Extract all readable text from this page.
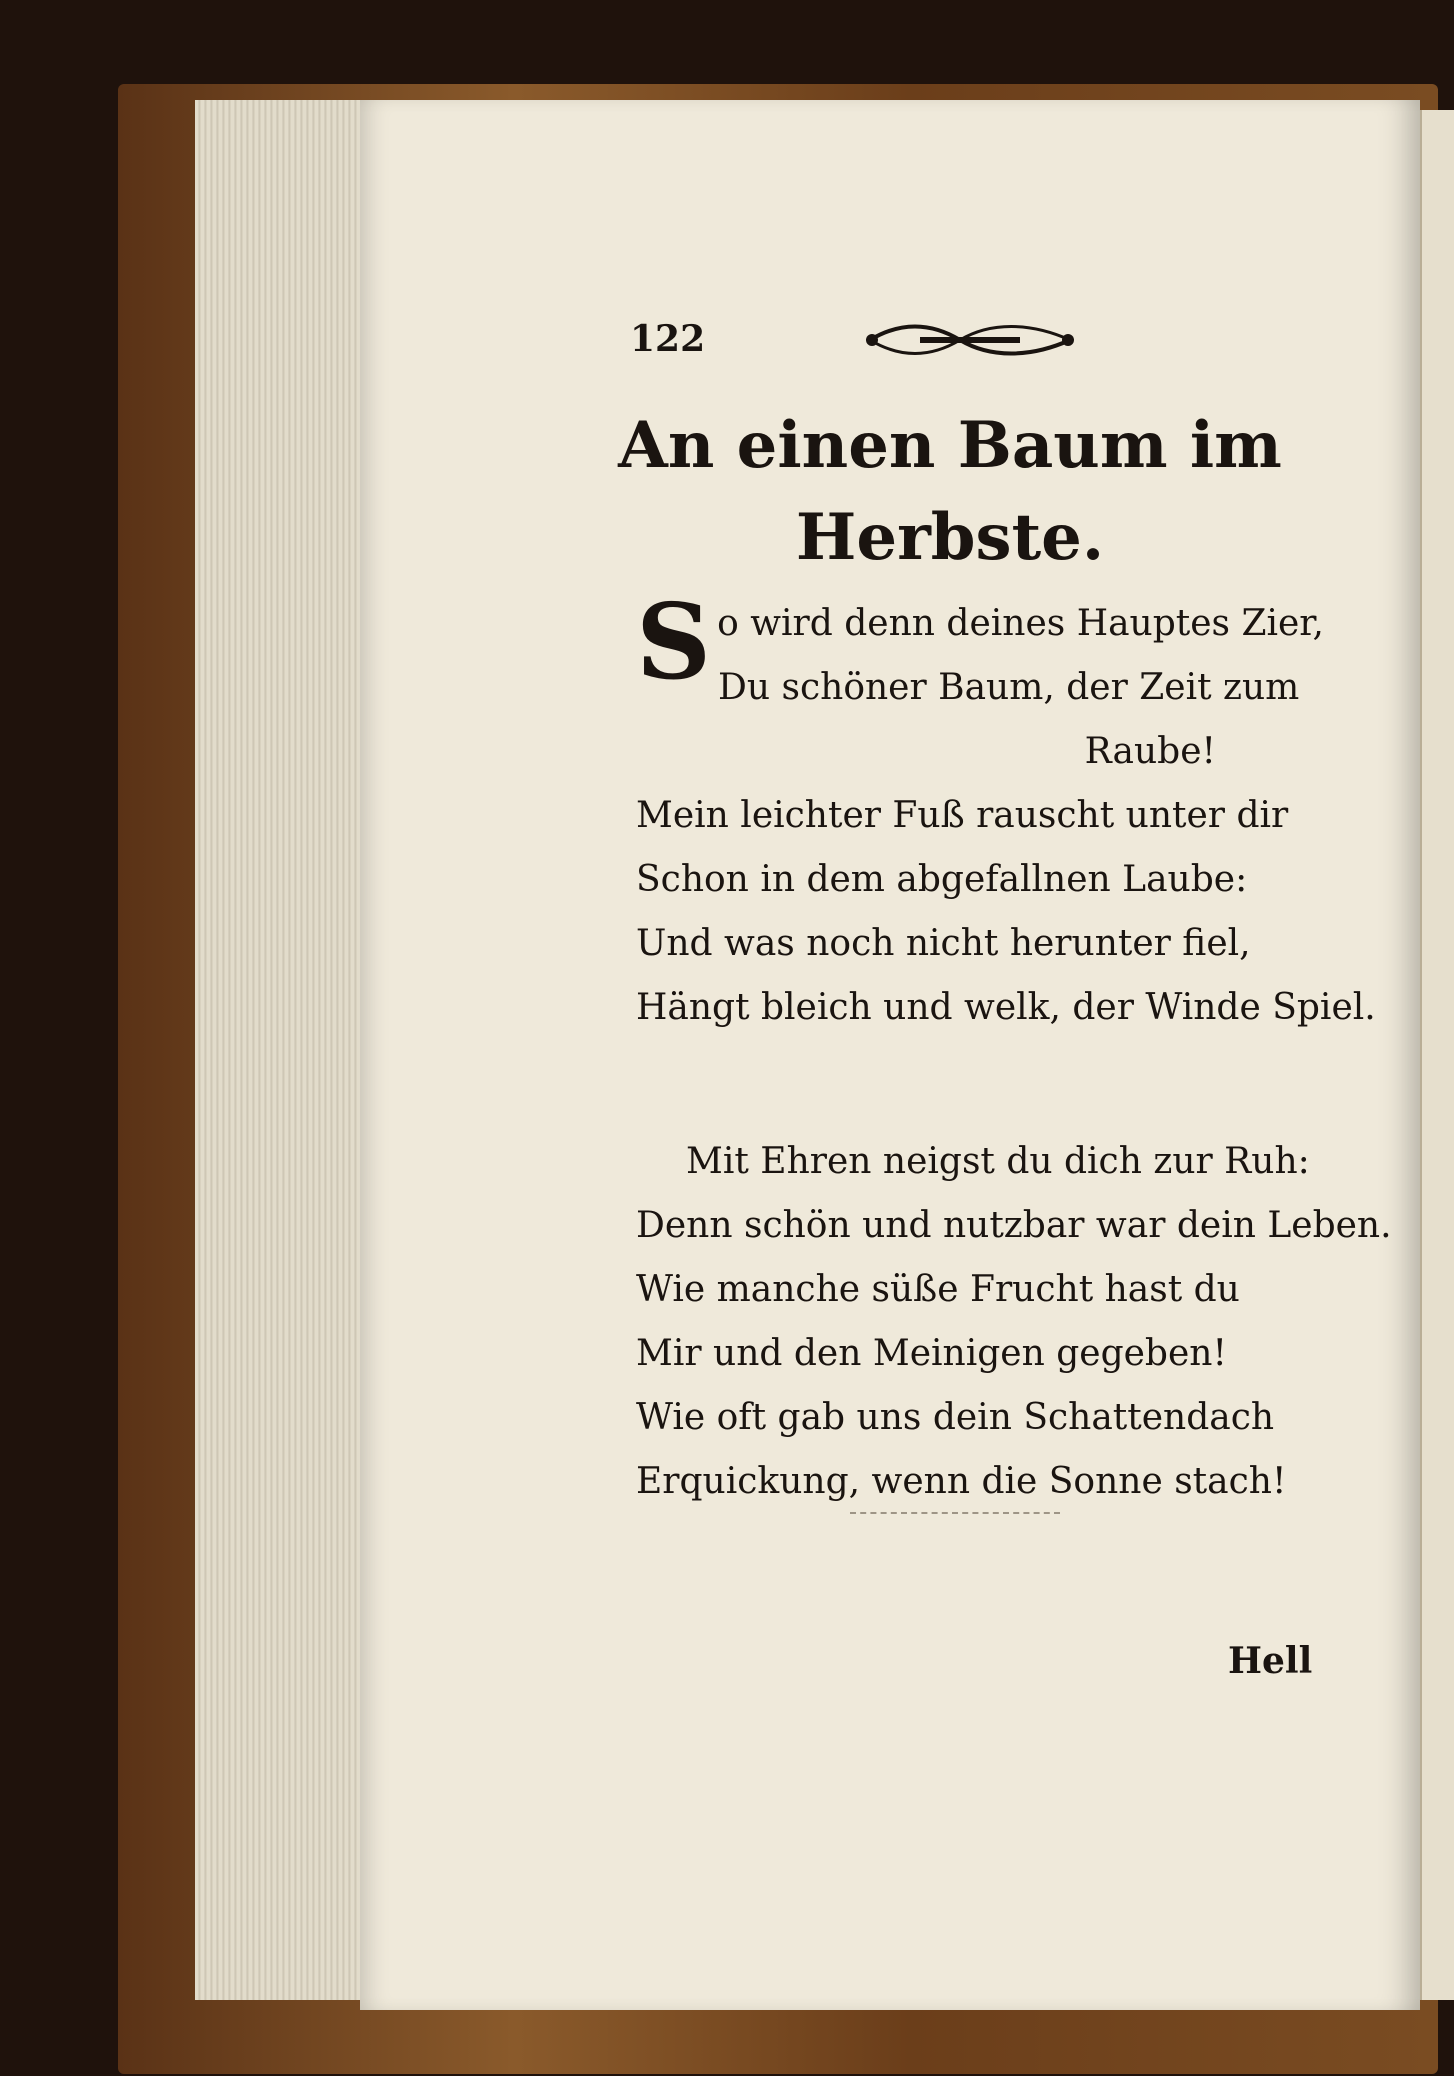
122
An einen Baum im
Herbste.
S o wird denn deines Hauptes Zier,
Du schöner Baum, der Zeit zum
Raube!
Mein leichter Fuß rauscht unter dir
Schon in dem abgefallnen Laube:
Und was noch nicht herunter fiel,
Hängt bleich und welk, der Winde Spiel.
Mit Ehren neigst du dich zur Ruh:
Denn schön und nutzbar war dein Leben.
Wie manche süße Frucht hast du
Mir und den Meinigen gegeben!
Wie oft gab uns dein Schattendach
Erquickung, wenn die Sonne stach!
Hell
